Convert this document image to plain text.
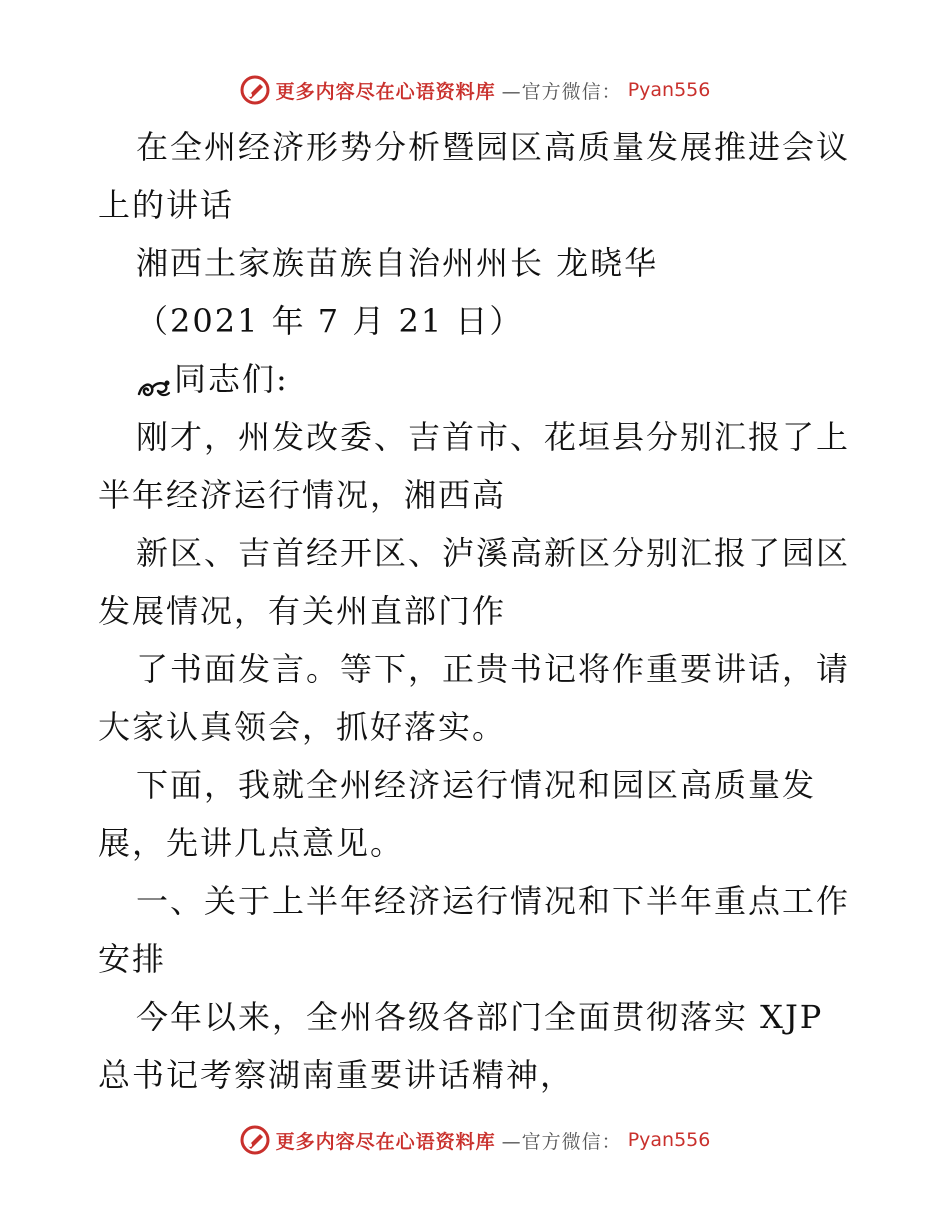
更多内容尽在心语资料库 —官方微信： Pyan556

在全州经济形势分析暨园区高质量发展推进会议上的讲话

湘西土家族苗族自治州州长 龙晓华

（2021 年 7 月 21 日）

同志们:

刚才，州发改委、吉首市、花垣县分别汇报了上半年经济运行情况，湘西高

新区、吉首经开区、泸溪高新区分别汇报了园区发展情况，有关州直部门作

了书面发言。等下，正贵书记将作重要讲话，请大家认真领会，抓好落实。

下面，我就全州经济运行情况和园区高质量发展，先讲几点意见。

一、关于上半年经济运行情况和下半年重点工作安排

今年以来，全州各级各部门全面贯彻落实 XJP 总书记考察湖南重要讲话精神，

更多内容尽在心语资料库 —官方微信： Pyan556
